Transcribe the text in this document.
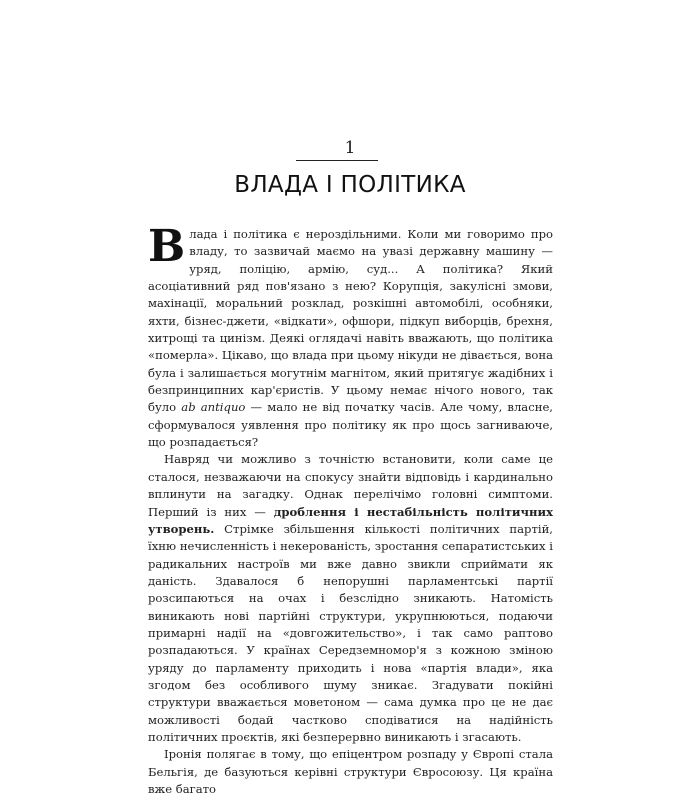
1
ВЛАДА І ПОЛІТИКА

Влада і політика є нероздільними. Коли ми говоримо про владу, то зазвичай маємо на увазі державну машину — уряд, поліцію, армію, суд... А політика? Який асоціативний ряд пов'язано з нею? Корупція, закулісні змови, махінації, моральний розклад, розкішні автомобілі, особняки, яхти, бізнес-джети, «відкати», офшори, підкуп виборців, брехня, хитрощі та цинізм. Деякі оглядачі навіть вважають, що політика «померла». Цікаво, що влада при цьому нікуди не дівається, вона була і залишається могутнім магнітом, який притягує жадібних і безпринципних кар'єристів. У цьому немає нічого нового, так було ab antiquo — мало не від початку часів. Але чому, власне, сформувалося уявлення про політику як про щось загниваюче, що розпадається?

Навряд чи можливо з точністю встановити, коли саме це сталося, незважаючи на спокусу знайти відповідь і кардинально вплинути на загадку. Однак перелічімо головні симптоми. Перший із них — дроблення і нестабільність політичних утворень. Стрімке збільшення кількості політичних партій, їхню нечисленність і некерованість, зростання сепаратистських і радикальних настроїв ми вже давно звикли сприймати як даність. Здавалося б непорушні парламентські партії розсипаються на очах і безслідно зникають. Натомість виникають нові партійні структури, укрупнюються, подаючи примарні надії на «довгожительство», і так само раптово розпадаються. У країнах Середземномор'я з кожною зміною уряду до парламенту приходить і нова «партія влади», яка згодом без особливого шуму зникає. Згадувати покійні структури вважається моветоном — сама думка про це не дає можливості бодай частково сподіватися на надійність політичних проєктів, які безперервно виникають і згасають.

Іронія полягає в тому, що епіцентром розпаду у Європі стала Бельгія, де базуються керівні структури Євросоюзу. Ця країна вже багато
